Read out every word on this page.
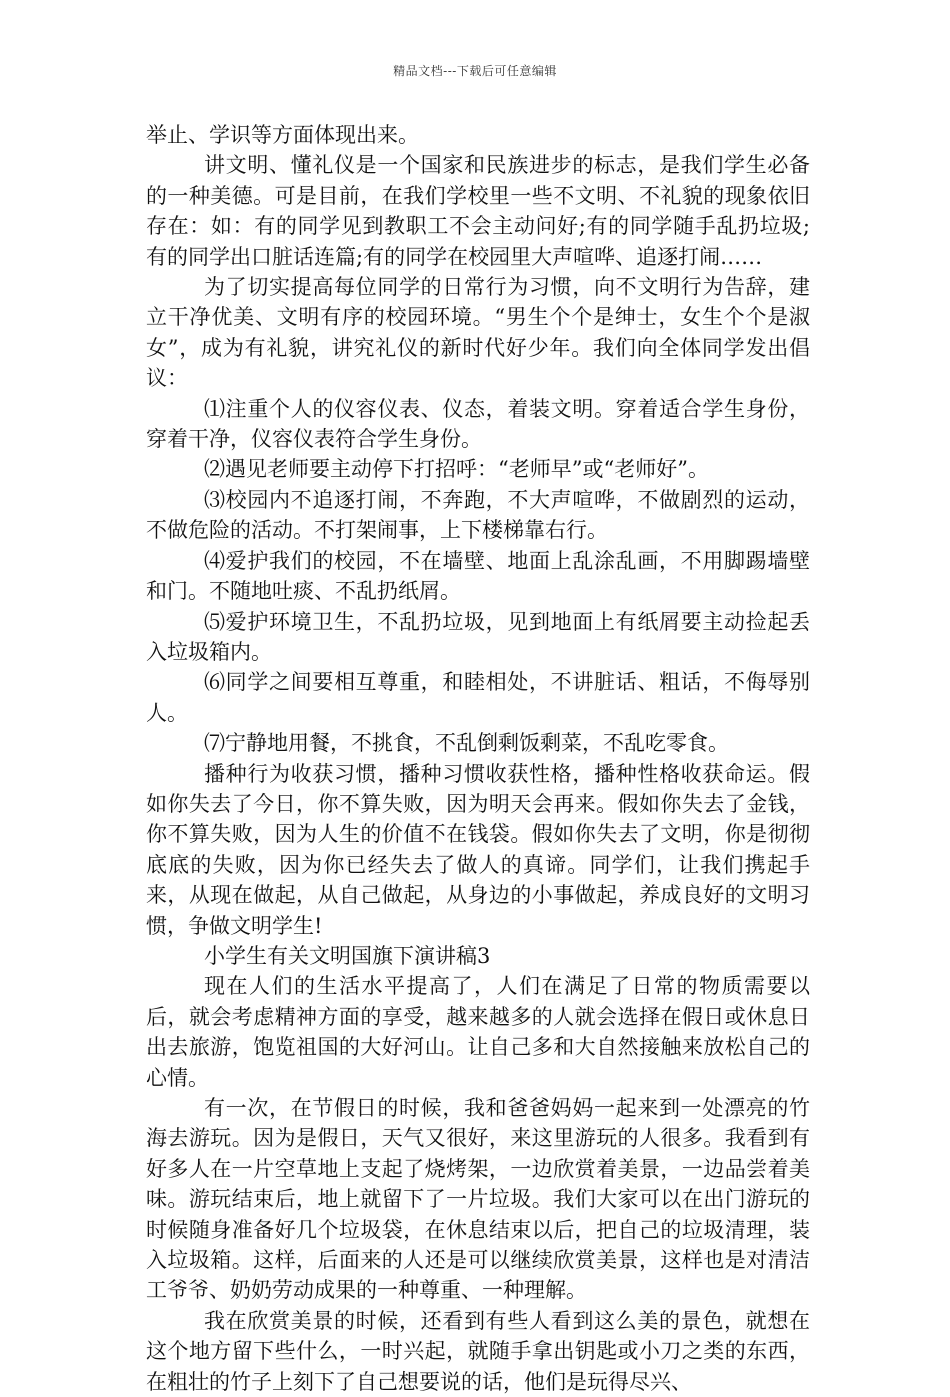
精品文档---下载后可任意编辑

举止、学识等方面体现出来。

讲文明、懂礼仪是一个国家和民族进步的标志，是我们学生必备的一种美德。可是目前，在我们学校里一些不文明、不礼貌的现象依旧存在：如：有的同学见到教职工不会主动问好;有的同学随手乱扔垃圾;有的同学出口脏话连篇;有的同学在校园里大声喧哗、追逐打闹……

为了切实提高每位同学的日常行为习惯，向不文明行为告辞，建立干净优美、文明有序的校园环境。“男生个个是绅士，女生个个是淑女”，成为有礼貌，讲究礼仪的新时代好少年。我们向全体同学发出倡议：

⑴注重个人的仪容仪表、仪态，着装文明。穿着适合学生身份，穿着干净，仪容仪表符合学生身份。

⑵遇见老师要主动停下打招呼：“老师早”或“老师好”。

⑶校园内不追逐打闹，不奔跑，不大声喧哗，不做剧烈的运动，不做危险的活动。不打架闹事，上下楼梯靠右行。

⑷爱护我们的校园，不在墙壁、地面上乱涂乱画，不用脚踢墙壁和门。不随地吐痰、不乱扔纸屑。

⑸爱护环境卫生，不乱扔垃圾，见到地面上有纸屑要主动捡起丢入垃圾箱内。

⑹同学之间要相互尊重，和睦相处，不讲脏话、粗话，不侮辱别人。

⑺宁静地用餐，不挑食，不乱倒剩饭剩菜，不乱吃零食。

播种行为收获习惯，播种习惯收获性格，播种性格收获命运。假如你失去了今日，你不算失败，因为明天会再来。假如你失去了金钱，你不算失败，因为人生的价值不在钱袋。假如你失去了文明，你是彻彻底底的失败，因为你已经失去了做人的真谛。同学们，让我们携起手来，从现在做起，从自己做起，从身边的小事做起，养成良好的文明习惯，争做文明学生!

小学生有关文明国旗下演讲稿3

现在人们的生活水平提高了，人们在满足了日常的物质需要以后，就会考虑精神方面的享受，越来越多的人就会选择在假日或休息日出去旅游，饱览祖国的大好河山。让自己多和大自然接触来放松自己的心情。

有一次，在节假日的时候，我和爸爸妈妈一起来到一处漂亮的竹海去游玩。因为是假日，天气又很好，来这里游玩的人很多。我看到有好多人在一片空草地上支起了烧烤架，一边欣赏着美景，一边品尝着美味。游玩结束后，地上就留下了一片垃圾。我们大家可以在出门游玩的时候随身准备好几个垃圾袋，在休息结束以后，把自己的垃圾清理，装入垃圾箱。这样，后面来的人还是可以继续欣赏美景，这样也是对清洁工爷爷、奶奶劳动成果的一种尊重、一种理解。

我在欣赏美景的时候，还看到有些人看到这么美的景色，就想在这个地方留下些什么，一时兴起，就随手拿出钥匙或小刀之类的东西，在粗壮的竹子上刻下了自己想要说的话，他们是玩得尽兴、
